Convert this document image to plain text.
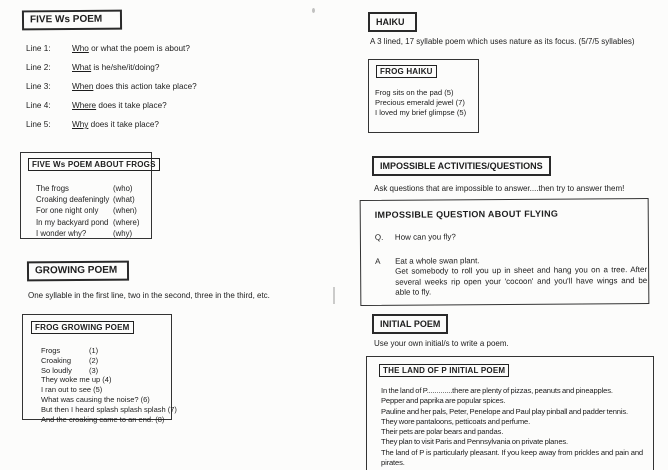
FIVE Ws POEM
Line 1:	Who or what the poem is about?
Line 2:	What is he/she/it/doing?
Line 3:	When does this action take place?
Line 4:	Where does it take place?
Line 5:	Why does it take place?
FIVE Ws POEM ABOUT FROGS
The frogs	(who)
Croaking deafeningly (what)
For one night only	(when)
In my backyard pond (where)
I wonder why?	(why)
GROWING POEM
One syllable in the first line, two in the second, three in the third, etc.
FROG GROWING POEM
Frogs	(1)
Croaking	(2)
So loudly	(3)
They woke me up (4)
I ran out to see (5)
What was causing the noise? (6)
But then I heard splash splash splash (7)
And the croaking came to an end. (8)
HAIKU
A 3 lined, 17 syllable poem which uses nature as its focus. (5/7/5 syllables)
FROG HAIKU
Frog sits on the pad (5)
Precious emerald jewel (7)
I loved my brief glimpse (5)
IMPOSSIBLE ACTIVITIES/QUESTIONS
Ask questions that are impossible to answer....then try to answer them!
IMPOSSIBLE QUESTION ABOUT FLYING
Q.	How can you fly?
A	Eat a whole swan plant.
Get somebody to roll you up in sheet and hang you on a tree. After several weeks rip open your 'cocoon' and you'll have wings and be able to fly.
INITIAL POEM
Use your own initial/s to write a poem.
THE LAND OF P INITIAL POEM
In the land of P.............there are plenty of pizzas, peanuts and pineapples.
Pepper and paprika are popular spices.
Pauline and her pals, Peter, Penelope and Paul play pinball and padder tennis.
They wore pantaloons, petticoats and perfume.
Their pets are polar bears and pandas.
They plan to visit Paris and Pennsylvania on private planes.
The land of P is particularly pleasant. If you keep away from prickles and pain and pirates.
